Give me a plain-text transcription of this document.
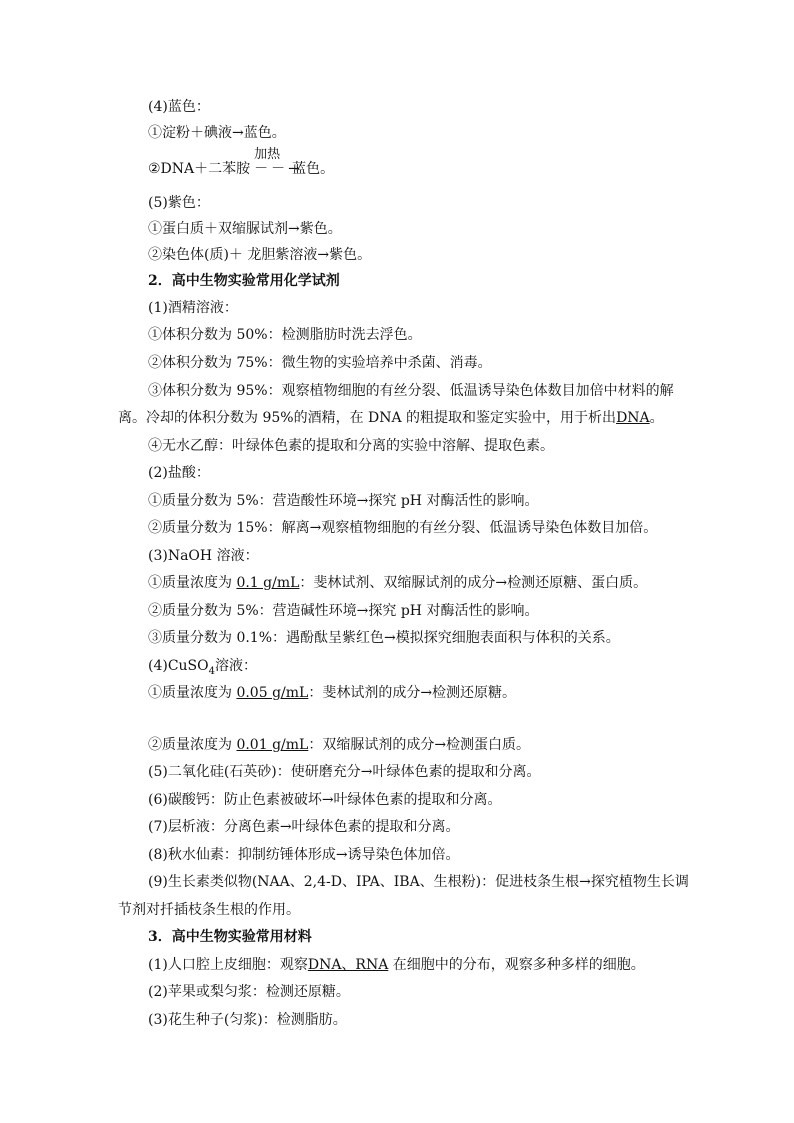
(4)蓝色：
①淀粉＋碘液→蓝色。
②DNA＋二苯胺
加热
－－→
蓝色。
(5)紫色：
①蛋白质＋双缩脲试剂→紫色。
②染色体(质)＋ 龙胆紫溶液→紫色。
2．高中生物实验常用化学试剂
(1)酒精溶液：
①体积分数为 50%：检测脂肪时洗去浮色。
②体积分数为 75%：微生物的实验培养中杀菌、消毒。
③体积分数为 95%：观察植物细胞的有丝分裂、低温诱导染色体数目加倍中材料的解
离。冷却的体积分数为 95%的酒精，在 DNA 的粗提取和鉴定实验中，用于析出DNA。
④无水乙醇：叶绿体色素的提取和分离的实验中溶解、提取色素。
(2)盐酸：
①质量分数为 5%：营造酸性环境→探究 pH 对酶活性的影响。
②质量分数为 15%：解离→观察植物细胞的有丝分裂、低温诱导染色体数目加倍。
(3)NaOH 溶液：
①质量浓度为 0.1 g/mL：斐林试剂、双缩脲试剂的成分→检测还原糖、蛋白质。
②质量分数为 5%：营造碱性环境→探究 pH 对酶活性的影响。
③质量分数为 0.1%：遇酚酞呈紫红色→模拟探究细胞表面积与体积的关系。
(4)CuSO$_4$溶液：
①质量浓度为 0.05 g/mL：斐林试剂的成分→检测还原糖。
②质量浓度为 0.01 g/mL：双缩脲试剂的成分→检测蛋白质。
(5)二氧化硅(石英砂)：使研磨充分→叶绿体色素的提取和分离。
(6)碳酸钙：防止色素被破坏→叶绿体色素的提取和分离。
(7)层析液：分离色素→叶绿体色素的提取和分离。
(8)秋水仙素：抑制纺锤体形成→诱导染色体加倍。
(9)生长素类似物(NAA、2,4-D、IPA、IBA、生根粉)：促进枝条生根→探究植物生长调
节剂对扦插枝条生根的作用。
3．高中生物实验常用材料
(1)人口腔上皮细胞：观察DNA、RNA 在细胞中的分布，观察多种多样的细胞。
(2)苹果或梨匀浆：检测还原糖。
(3)花生种子(匀浆)：检测脂肪。
